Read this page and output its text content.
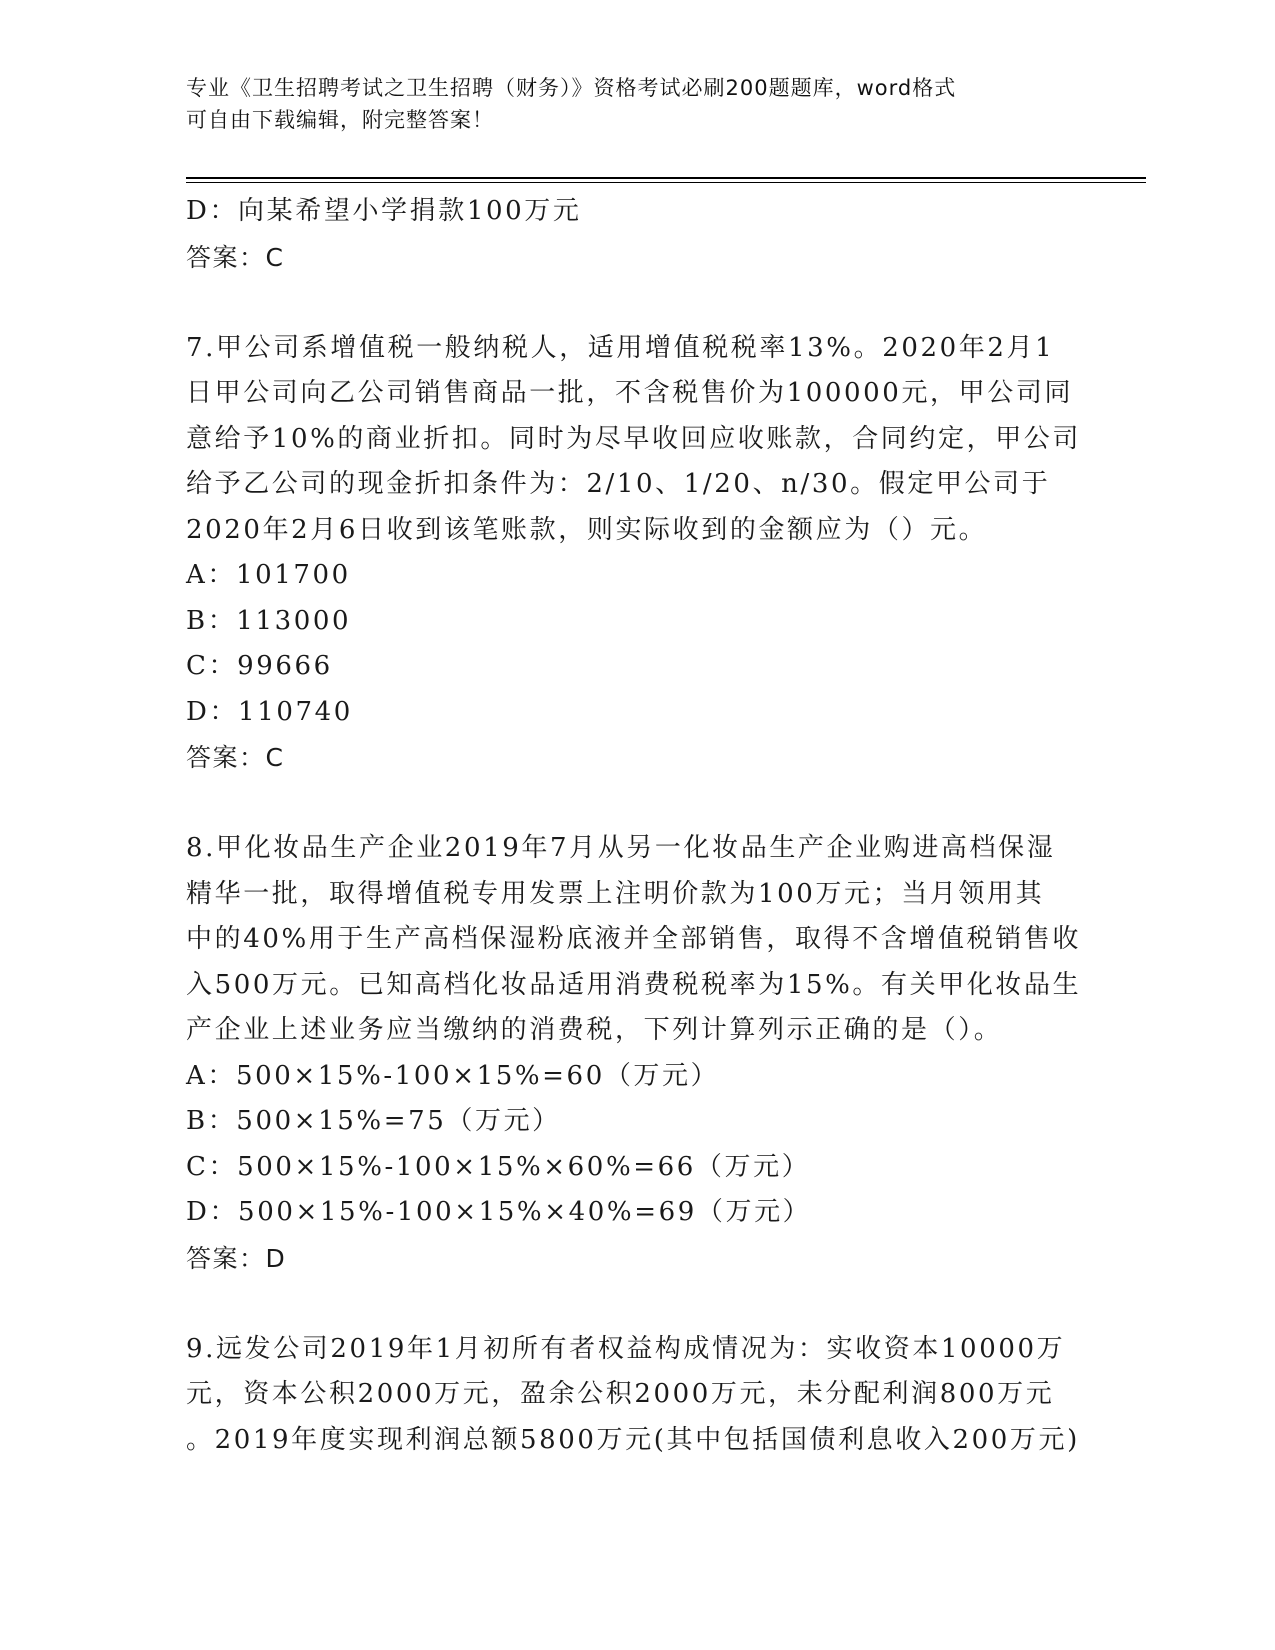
专业《卫生招聘考试之卫生招聘（财务）》资格考试必刷200题题库，word格式
可自由下载编辑，附完整答案！
D：向某希望小学捐款100万元
答案：C
7.甲公司系增值税一般纳税人，适用增值税税率13%。2020年2月1
日甲公司向乙公司销售商品一批，不含税售价为100000元，甲公司同
意给予10%的商业折扣。同时为尽早收回应收账款，合同约定，甲公司
给予乙公司的现金折扣条件为：2/10、1/20、n/30。假定甲公司于
2020年2月6日收到该笔账款，则实际收到的金额应为（）元。
A：101700
B：113000
C：99666
D：110740
答案：C
8.甲化妆品生产企业2019年7月从另一化妆品生产企业购进高档保湿
精华一批，取得增值税专用发票上注明价款为100万元；当月领用其
中的40%用于生产高档保湿粉底液并全部销售，取得不含增值税销售收
入500万元。已知高档化妆品适用消费税税率为15%。有关甲化妆品生
产企业上述业务应当缴纳的消费税，下列计算列示正确的是（）。
A：500×15%-100×15%=60（万元）
B：500×15%=75（万元）
C：500×15%-100×15%×60%=66（万元）
D：500×15%-100×15%×40%=69（万元）
答案：D
9.远发公司2019年1月初所有者权益构成情况为：实收资本10000万
元，资本公积2000万元，盈余公积2000万元，未分配利润800万元
。2019年度实现利润总额5800万元(其中包括国债利息收入200万元)
